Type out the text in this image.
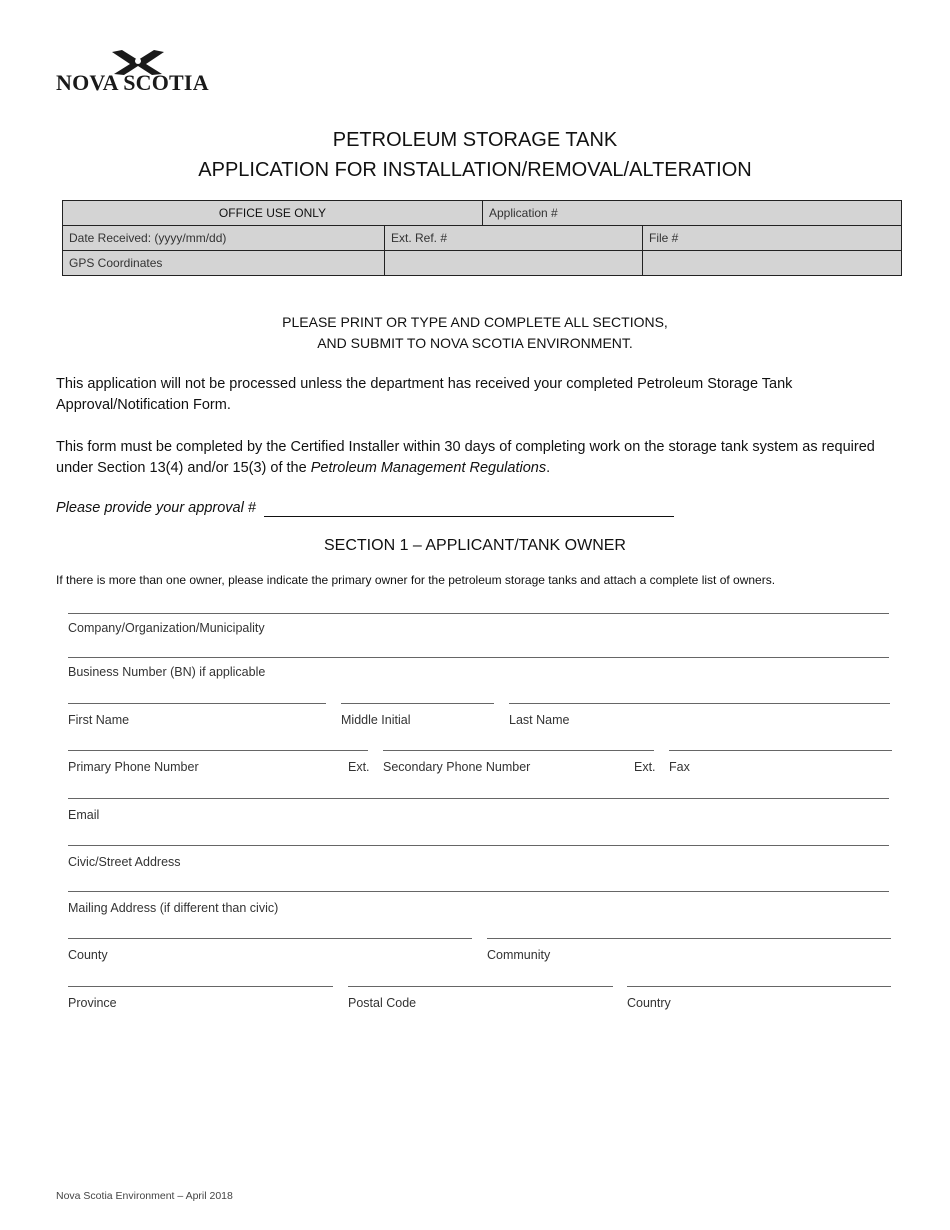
NOVA SCOTIA
PETROLEUM STORAGE TANK
APPLICATION FOR INSTALLATION/REMOVAL/ALTERATION
OFFICE USE ONLY	Application #
Date Received: (yyyy/mm/dd)	Ext. Ref. #	File #
GPS Coordinates
PLEASE PRINT OR TYPE AND COMPLETE ALL SECTIONS,
AND SUBMIT TO NOVA SCOTIA ENVIRONMENT.
This application will not be processed unless the department has received your completed Petroleum Storage Tank Approval/Notification Form.
This form must be completed by the Certified Installer within 30 days of completing work on the storage tank system as required under Section 13(4) and/or 15(3) of the Petroleum Management Regulations.
Please provide your approval #
SECTION 1 – APPLICANT/TANK OWNER
If there is more than one owner, please indicate the primary owner for the petroleum storage tanks and attach a complete list of owners.
Company/Organization/Municipality
Business Number (BN) if applicable
First Name	Middle Initial	Last Name
Primary Phone Number	Ext. Secondary Phone Number	Ext. Fax
Email
Civic/Street Address
Mailing Address (if different than civic)
County	Community
Province	Postal Code	Country
Nova Scotia Environment – April 2018
